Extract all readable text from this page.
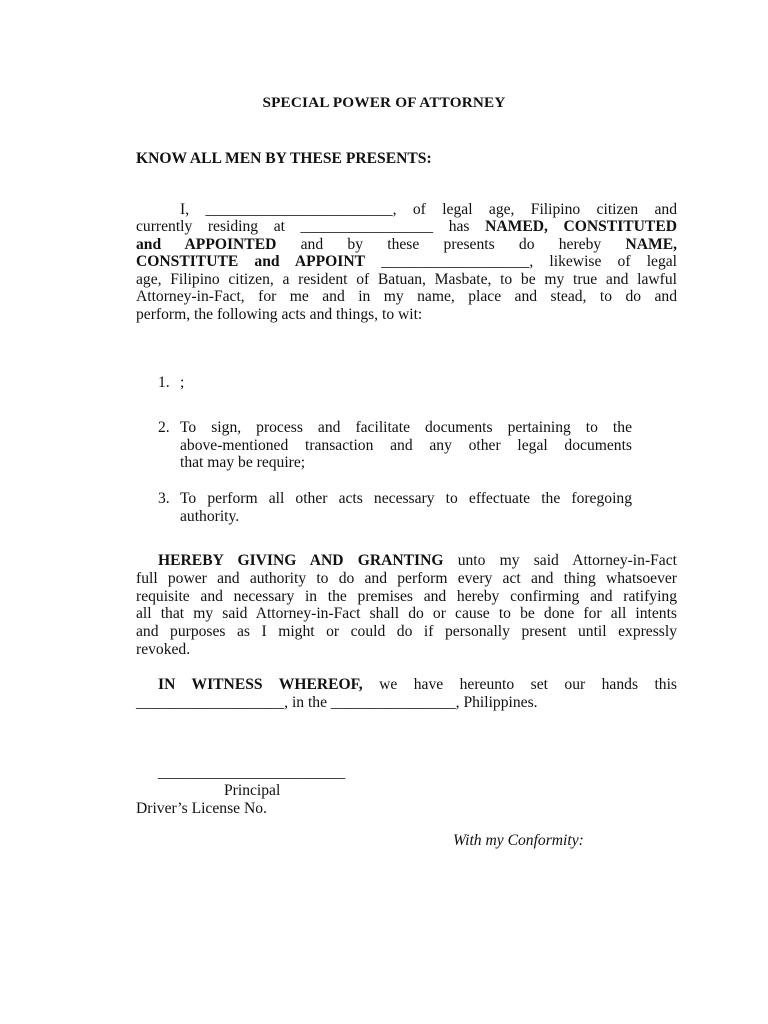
SPECIAL POWER OF ATTORNEY
KNOW ALL MEN BY THESE PRESENTS:
I, ________________________, of legal age, Filipino citizen and
currently residing at _________________ has NAMED, CONSTITUTED
and APPOINTED and by these presents do hereby NAME,
CONSTITUTE and APPOINT ___________________, likewise of legal
age, Filipino citizen, a resident of Batuan, Masbate, to be my true and lawful
Attorney-in-Fact, for me and in my name, place and stead, to do and
perform, the following acts and things, to wit:
1. ;
2. To sign, process and facilitate documents pertaining to the
above-mentioned transaction and any other legal documents
that may be require;
3. To perform all other acts necessary to effectuate the foregoing
authority.
HEREBY GIVING AND GRANTING unto my said Attorney-in-Fact
full power and authority to do and perform every act and thing whatsoever
requisite and necessary in the premises and hereby confirming and ratifying
all that my said Attorney-in-Fact shall do or cause to be done for all intents
and purposes as I might or could do if personally present until expressly
revoked.
IN WITNESS WHEREOF, we have hereunto set our hands this
___________________, in the ________________, Philippines.
________________________
Principal
Driver’s License No.
With my Conformity:
